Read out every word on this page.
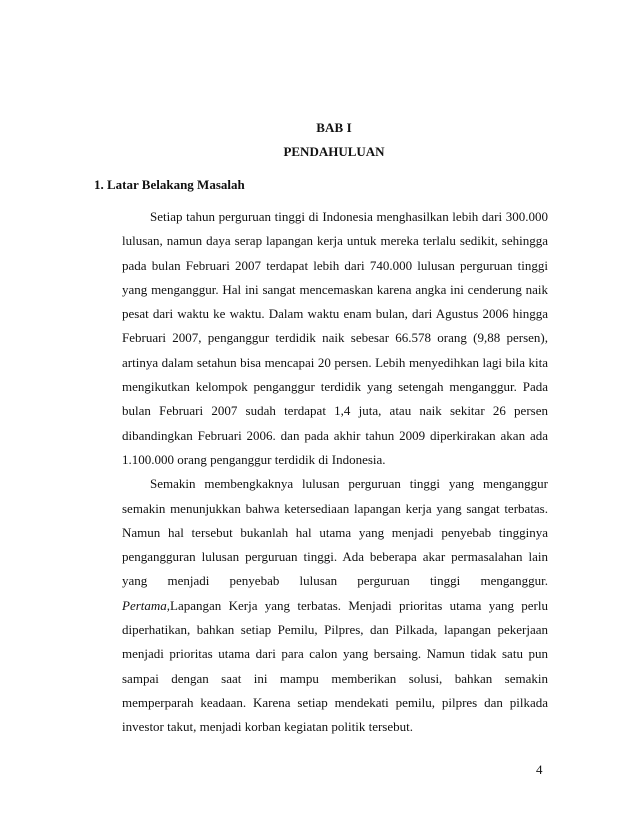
BAB I
PENDAHULUAN
1. Latar Belakang Masalah

Setiap tahun perguruan tinggi di Indonesia menghasilkan lebih dari 300.000 lulusan, namun daya serap lapangan kerja untuk mereka terlalu sedikit, sehingga pada bulan Februari 2007 terdapat lebih dari 740.000 lulusan perguruan tinggi yang menganggur. Hal ini sangat mencemaskan karena angka ini cenderung naik pesat dari waktu ke waktu. Dalam waktu enam bulan, dari Agustus 2006 hingga Februari 2007, penganggur terdidik naik sebesar 66.578 orang (9,88 persen), artinya dalam setahun bisa mencapai 20 persen. Lebih menyedihkan lagi bila kita mengikutkan kelompok penganggur terdidik yang setengah menganggur. Pada bulan Februari 2007 sudah terdapat 1,4 juta, atau naik sekitar 26 persen dibandingkan Februari 2006. dan pada akhir tahun 2009 diperkirakan akan ada 1.100.000 orang penganggur terdidik di Indonesia.

Semakin membengkaknya lulusan perguruan tinggi yang menganggur semakin menunjukkan bahwa ketersediaan lapangan kerja yang sangat terbatas. Namun hal tersebut bukanlah hal utama yang menjadi penyebab tingginya pengangguran lulusan perguruan tinggi. Ada beberapa akar permasalahan lain yang menjadi penyebab lulusan perguruan tinggi menganggur. Pertama,Lapangan Kerja yang terbatas. Menjadi prioritas utama yang perlu diperhatikan, bahkan setiap Pemilu, Pilpres, dan Pilkada, lapangan pekerjaan menjadi prioritas utama dari para calon yang bersaing. Namun tidak satu pun sampai dengan saat ini mampu memberikan solusi, bahkan semakin memperparah keadaan. Karena setiap mendekati pemilu, pilpres dan pilkada investor takut, menjadi korban kegiatan politik tersebut.

4
